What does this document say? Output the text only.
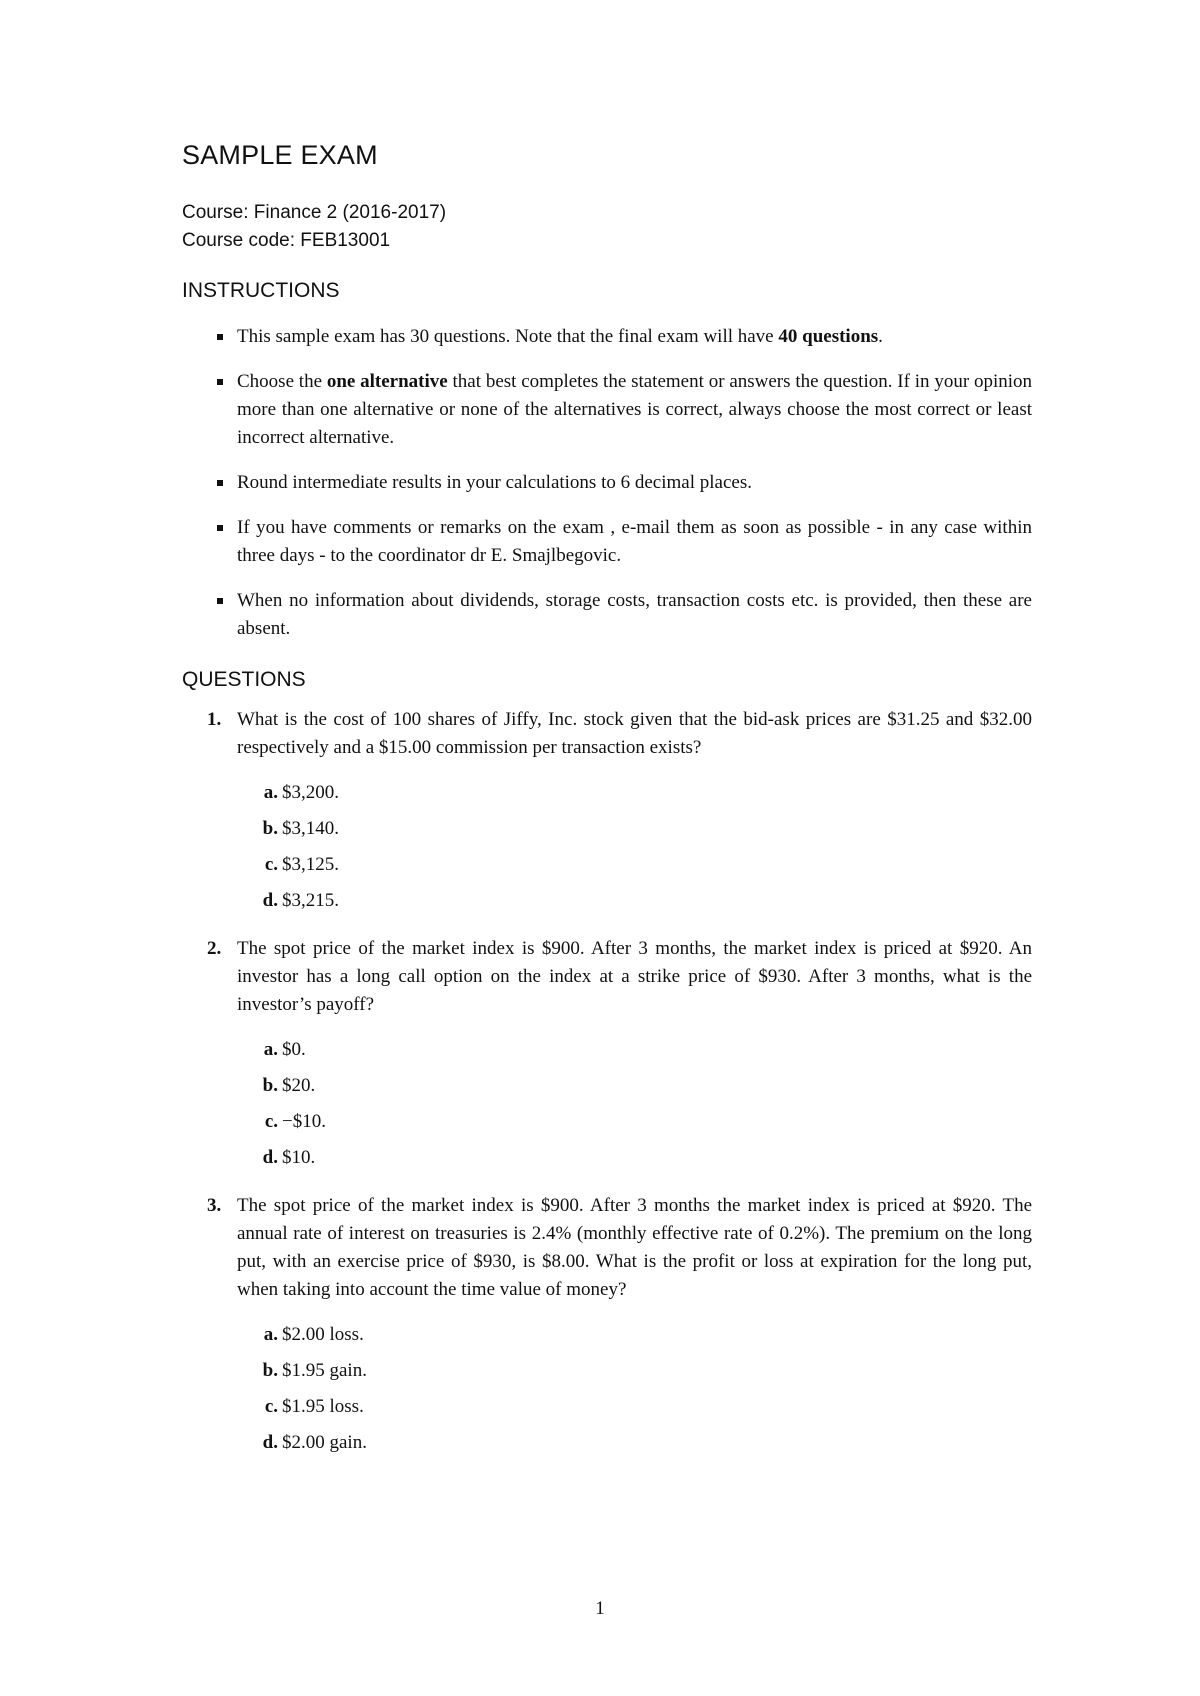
SAMPLE EXAM

Course: Finance 2 (2016-2017)

Course code: FEB13001

INSTRUCTIONS
This sample exam has 30 questions. Note that the final exam will have 40 questions.
Choose the one alternative that best completes the statement or answers the question. If in your opinion more than one alternative or none of the alternatives is correct, always choose the most correct or least incorrect alternative.
Round intermediate results in your calculations to 6 decimal places.
If you have comments or remarks on the exam , e-mail them as soon as possible - in any case within three days - to the coordinator dr E. Smajlbegovic.
When no information about dividends, storage costs, transaction costs etc. is provided, then these are absent.
QUESTIONS
1. What is the cost of 100 shares of Jiffy, Inc. stock given that the bid-ask prices are $31.25 and $32.00 respectively and a $15.00 commission per transaction exists?

a. $3,200.
b. $3,140.
c. $3,125.
d. $3,215.
2. The spot price of the market index is $900. After 3 months, the market index is priced at $920. An investor has a long call option on the index at a strike price of $930. After 3 months, what is the investor’s payoff?

a. $0.
b. $20.
c. −$10.
d. $10.
3. The spot price of the market index is $900. After 3 months the market index is priced at $920. The annual rate of interest on treasuries is 2.4% (monthly effective rate of 0.2%). The premium on the long put, with an exercise price of $930, is $8.00. What is the profit or loss at expiration for the long put, when taking into account the time value of money?

a. $2.00 loss.
b. $1.95 gain.
c. $1.95 loss.
d. $2.00 gain.
1
